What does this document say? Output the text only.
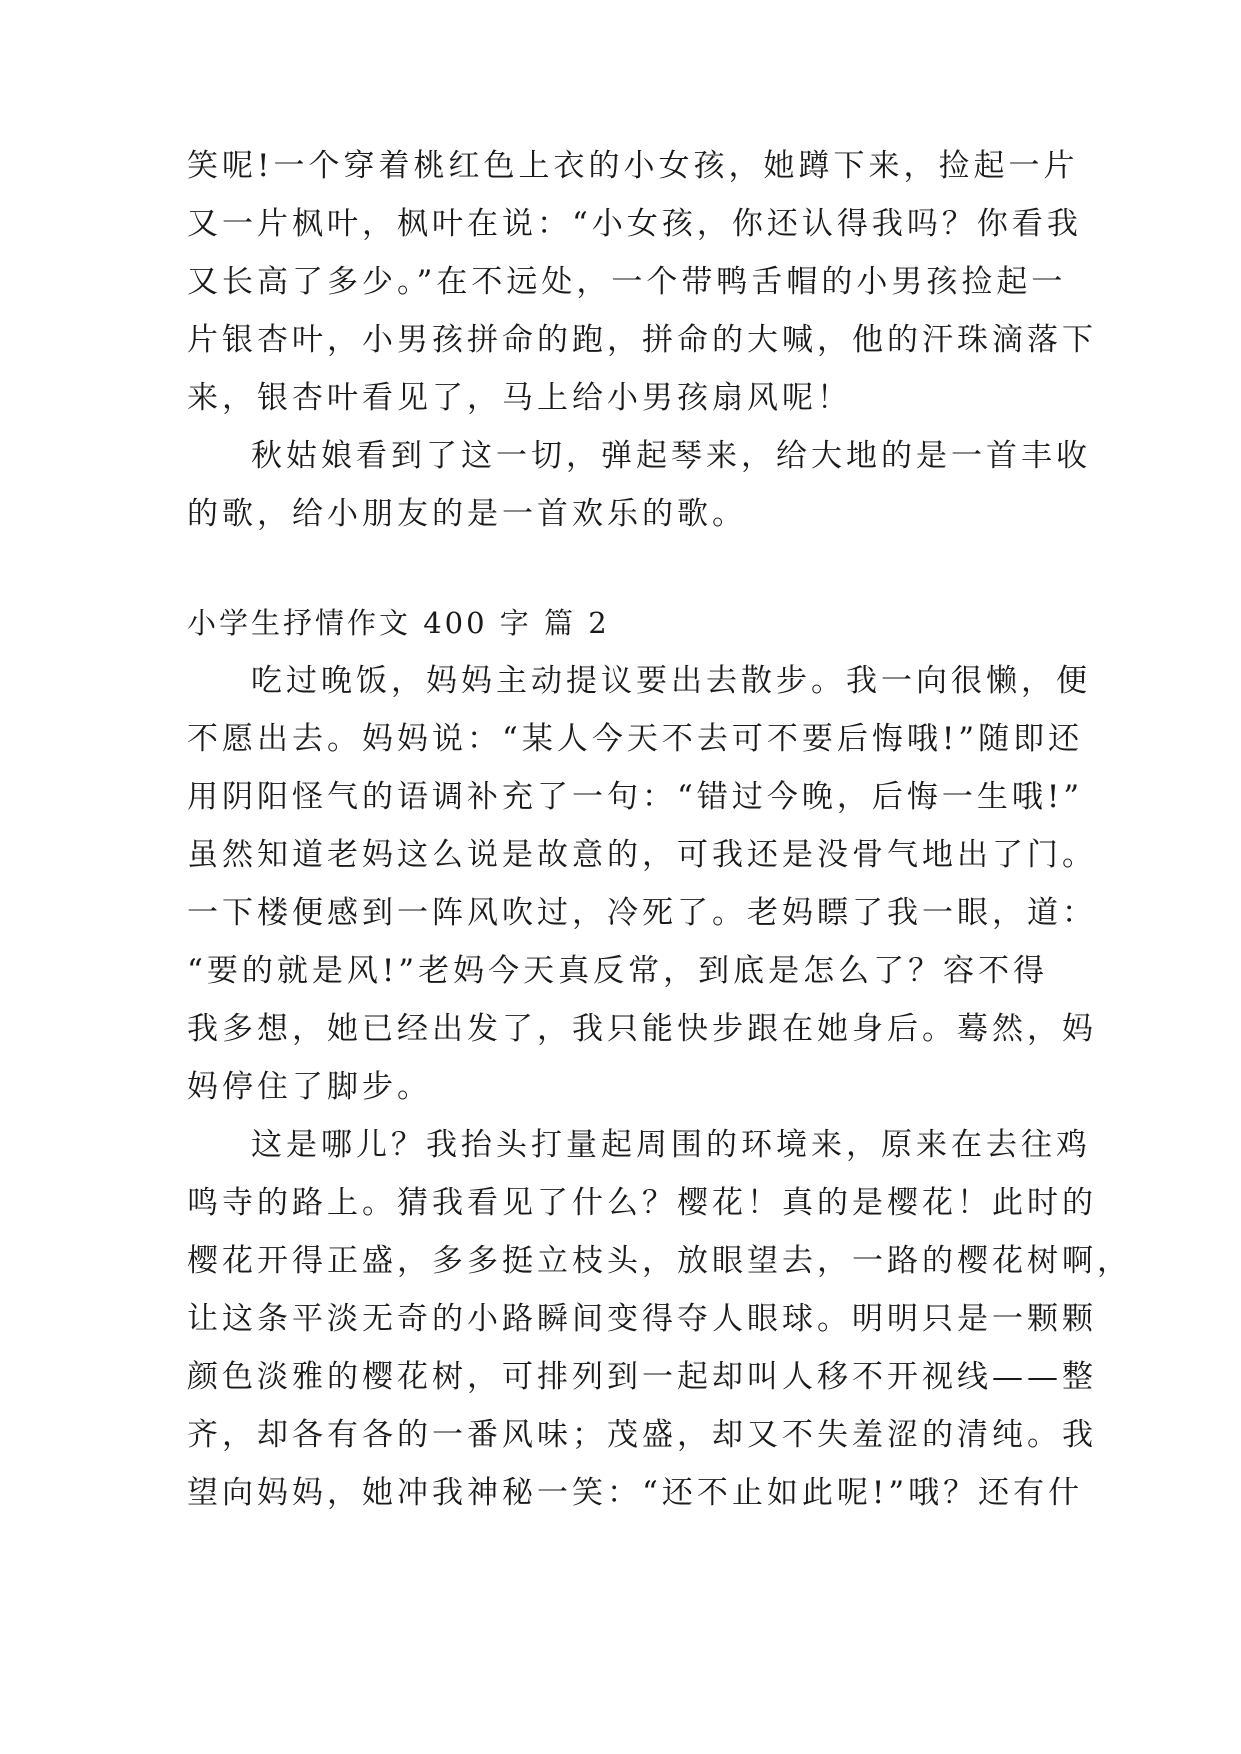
笑呢!一个穿着桃红色上衣的小女孩，她蹲下来，捡起一片
又一片枫叶，枫叶在说：“小女孩，你还认得我吗？你看我
又长高了多少。”在不远处，一个带鸭舌帽的小男孩捡起一
片银杏叶，小男孩拼命的跑，拼命的大喊，他的汗珠滴落下
来，银杏叶看见了，马上给小男孩扇风呢！
秋姑娘看到了这一切，弹起琴来，给大地的是一首丰收
的歌，给小朋友的是一首欢乐的歌。
小学生抒情作文 400 字 篇 2
吃过晚饭，妈妈主动提议要出去散步。我一向很懒，便
不愿出去。妈妈说：“某人今天不去可不要后悔哦!”随即还
用阴阳怪气的语调补充了一句：“错过今晚，后悔一生哦!”
虽然知道老妈这么说是故意的，可我还是没骨气地出了门。
一下楼便感到一阵风吹过，冷死了。老妈瞟了我一眼，道：
“要的就是风!”老妈今天真反常，到底是怎么了？容不得
我多想，她已经出发了，我只能快步跟在她身后。蓦然，妈
妈停住了脚步。
这是哪儿？我抬头打量起周围的环境来，原来在去往鸡
鸣寺的路上。猜我看见了什么？樱花！真的是樱花！此时的
樱花开得正盛，多多挺立枝头，放眼望去，一路的樱花树啊，
让这条平淡无奇的小路瞬间变得夺人眼球。明明只是一颗颗
颜色淡雅的樱花树，可排列到一起却叫人移不开视线——整
齐，却各有各的一番风味；茂盛，却又不失羞涩的清纯。我
望向妈妈，她冲我神秘一笑：“还不止如此呢!”哦？还有什
